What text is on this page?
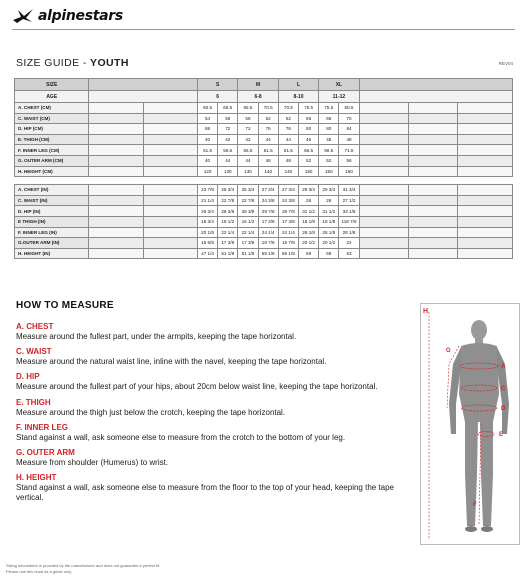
alpinestars
SIZE GUIDE - YOUTH	REV04
SIZE			S		M		L		XL				
AGE			6		6-8		8-10		11-12				
A. CHEST (CM)			60.5	65.5	65.5	70.5	70.5	75.5	75.5	80.5			
C. WAIST (CM)			54	58	58	62	62	66	66	70			
D. HIP (CM)			68	72	72	76	76	80	80	84			
E. THIGH (CM)			40	42	42	44	44	46	46	48			
F. INNER LEG (CM)			51.5	56.5	56.5	61.5	61.5	66.5	66.5	71.5			
G. OUTER ARM (CM)			40	44	44	48	48	52	52	56			
H. HEIGHT (CM)			120	130	130	140	140	150	150	160			

A. CHEST (IN)			23 7/8	25 3/4	25 3/4	27 3/4	27 3/4	29 3/4	29 3/4	31 3/4			
C. WAIST (IN)			21 1/4	22 7/8	22 7/8	24 3/8	24 3/8	26	26	27 1/2			
D. HIP (IN)			26 3/4	28 3/8	28 3/8	29 7/8	29 7/8	31 1/2	31 1/2	33 1/8			
E THIGH (IN)			15 3/4	16 1/2	16 1/2	17 3/8	17 3/8	18 1/8	18 1/8	118 7/8			
F. INNER LEG (IN)			20 1/8	22 1/4	22 1/4	24 1/4	24 1/4	26 1/8	26 1/8	28 1/8			
G.OUTER ARM (IN)			15 6/8	17 3/8	17 3/8	18 7/8	18 7/8	20 1/2	20 1/2	22			
H. HEIGHT (IN)			47 1/4	51 1/8	51 1/8	55 1/8	55 1/8	59	59	63			
HOW TO MEASURE
A. CHEST
Measure around the fullest part, under the armpits, keeping the tape horizontal.
C. WAIST
Measure around the natural waist line, inline with the navel, keeping the tape horizontal.
D. HIP
Measure around the fullest part of your hips, about 20cm below waist line, keeping the tape horizontal.
E. THIGH
Measure around the thigh just below the crotch, keeping the tape horizontal.
F. INNER LEG
Stand against a wall, ask someone else to measure from the crotch to the bottom of your leg.
G. OUTER ARM
Measure from shoulder (Humerus) to wrist.
H. HEIGHT
Stand against a wall, ask someone else to measure from the floor to the top of your head, keeping the tape vertical.
H
G
A
C
D
E
F
Sizing information is provided by the manufacturer and does not guarantee a perfect fit.
Please use this chart as a guide only.
